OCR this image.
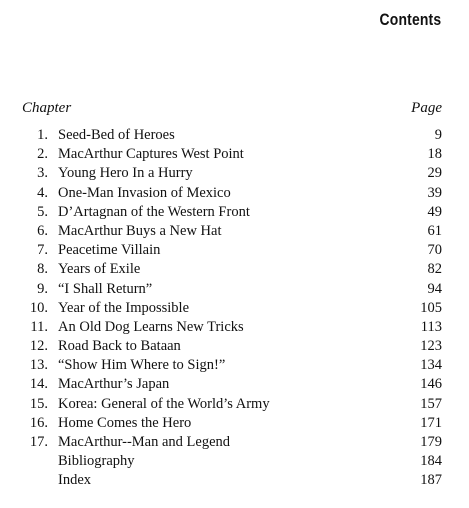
Contents
Chapter	Page
1. Seed-Bed of Heroes	9
2. MacArthur Captures West Point	18
3. Young Hero In a Hurry	29
4. One-Man Invasion of Mexico	39
5. D’Artagnan of the Western Front	49
6. MacArthur Buys a New Hat	61
7. Peacetime Villain	70
8. Years of Exile	82
9. “I Shall Return”	94
10. Year of the Impossible	105
11. An Old Dog Learns New Tricks	113
12. Road Back to Bataan	123
13. “Show Him Where to Sign!”	134
14. MacArthur’s Japan	146
15. Korea: General of the World’s Army	157
16. Home Comes the Hero	171
17. MacArthur--Man and Legend	179
Bibliography	184
Index	187
